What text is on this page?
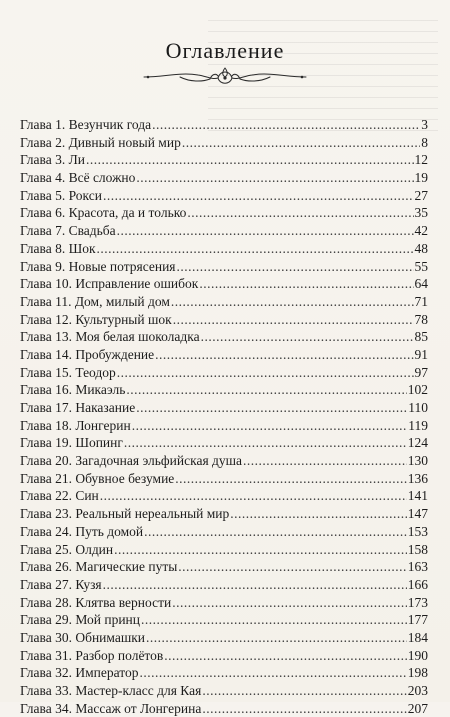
Оглавление
Глава 1. Везунчик года .....	3
Глава 2. Дивный новый мир .....	8
Глава 3. Ли .....	12
Глава 4. Всё сложно .....	19
Глава 5. Рокси .....	27
Глава 6. Красота, да и только .....	35
Глава 7. Свадьба .....	42
Глава 8. Шок .....	48
Глава 9. Новые потрясения .....	55
Глава 10. Исправление ошибок .....	64
Глава 11. Дом, милый дом .....	71
Глава 12. Культурный шок .....	78
Глава 13. Моя белая шоколадка .....	85
Глава 14. Пробуждение .....	91
Глава 15. Теодор .....	97
Глава 16. Микаэль .....	102
Глава 17. Наказание .....	110
Глава 18. Лонгерин .....	119
Глава 19. Шопинг .....	124
Глава 20. Загадочная эльфийская душа .....	130
Глава 21. Обувное безумие .....	136
Глава 22. Син .....	141
Глава 23. Реальный нереальный мир .....	147
Глава 24. Путь домой .....	153
Глава 25. Олдин .....	158
Глава 26. Магические путы .....	163
Глава 27. Кузя .....	166
Глава 28. Клятва верности .....	173
Глава 29. Мой принц .....	177
Глава 30. Обнимашки .....	184
Глава 31. Разбор полётов .....	190
Глава 32. Император .....	198
Глава 33. Мастер-класс для Кая .....	203
Глава 34. Массаж от Лонгерина .....	207
